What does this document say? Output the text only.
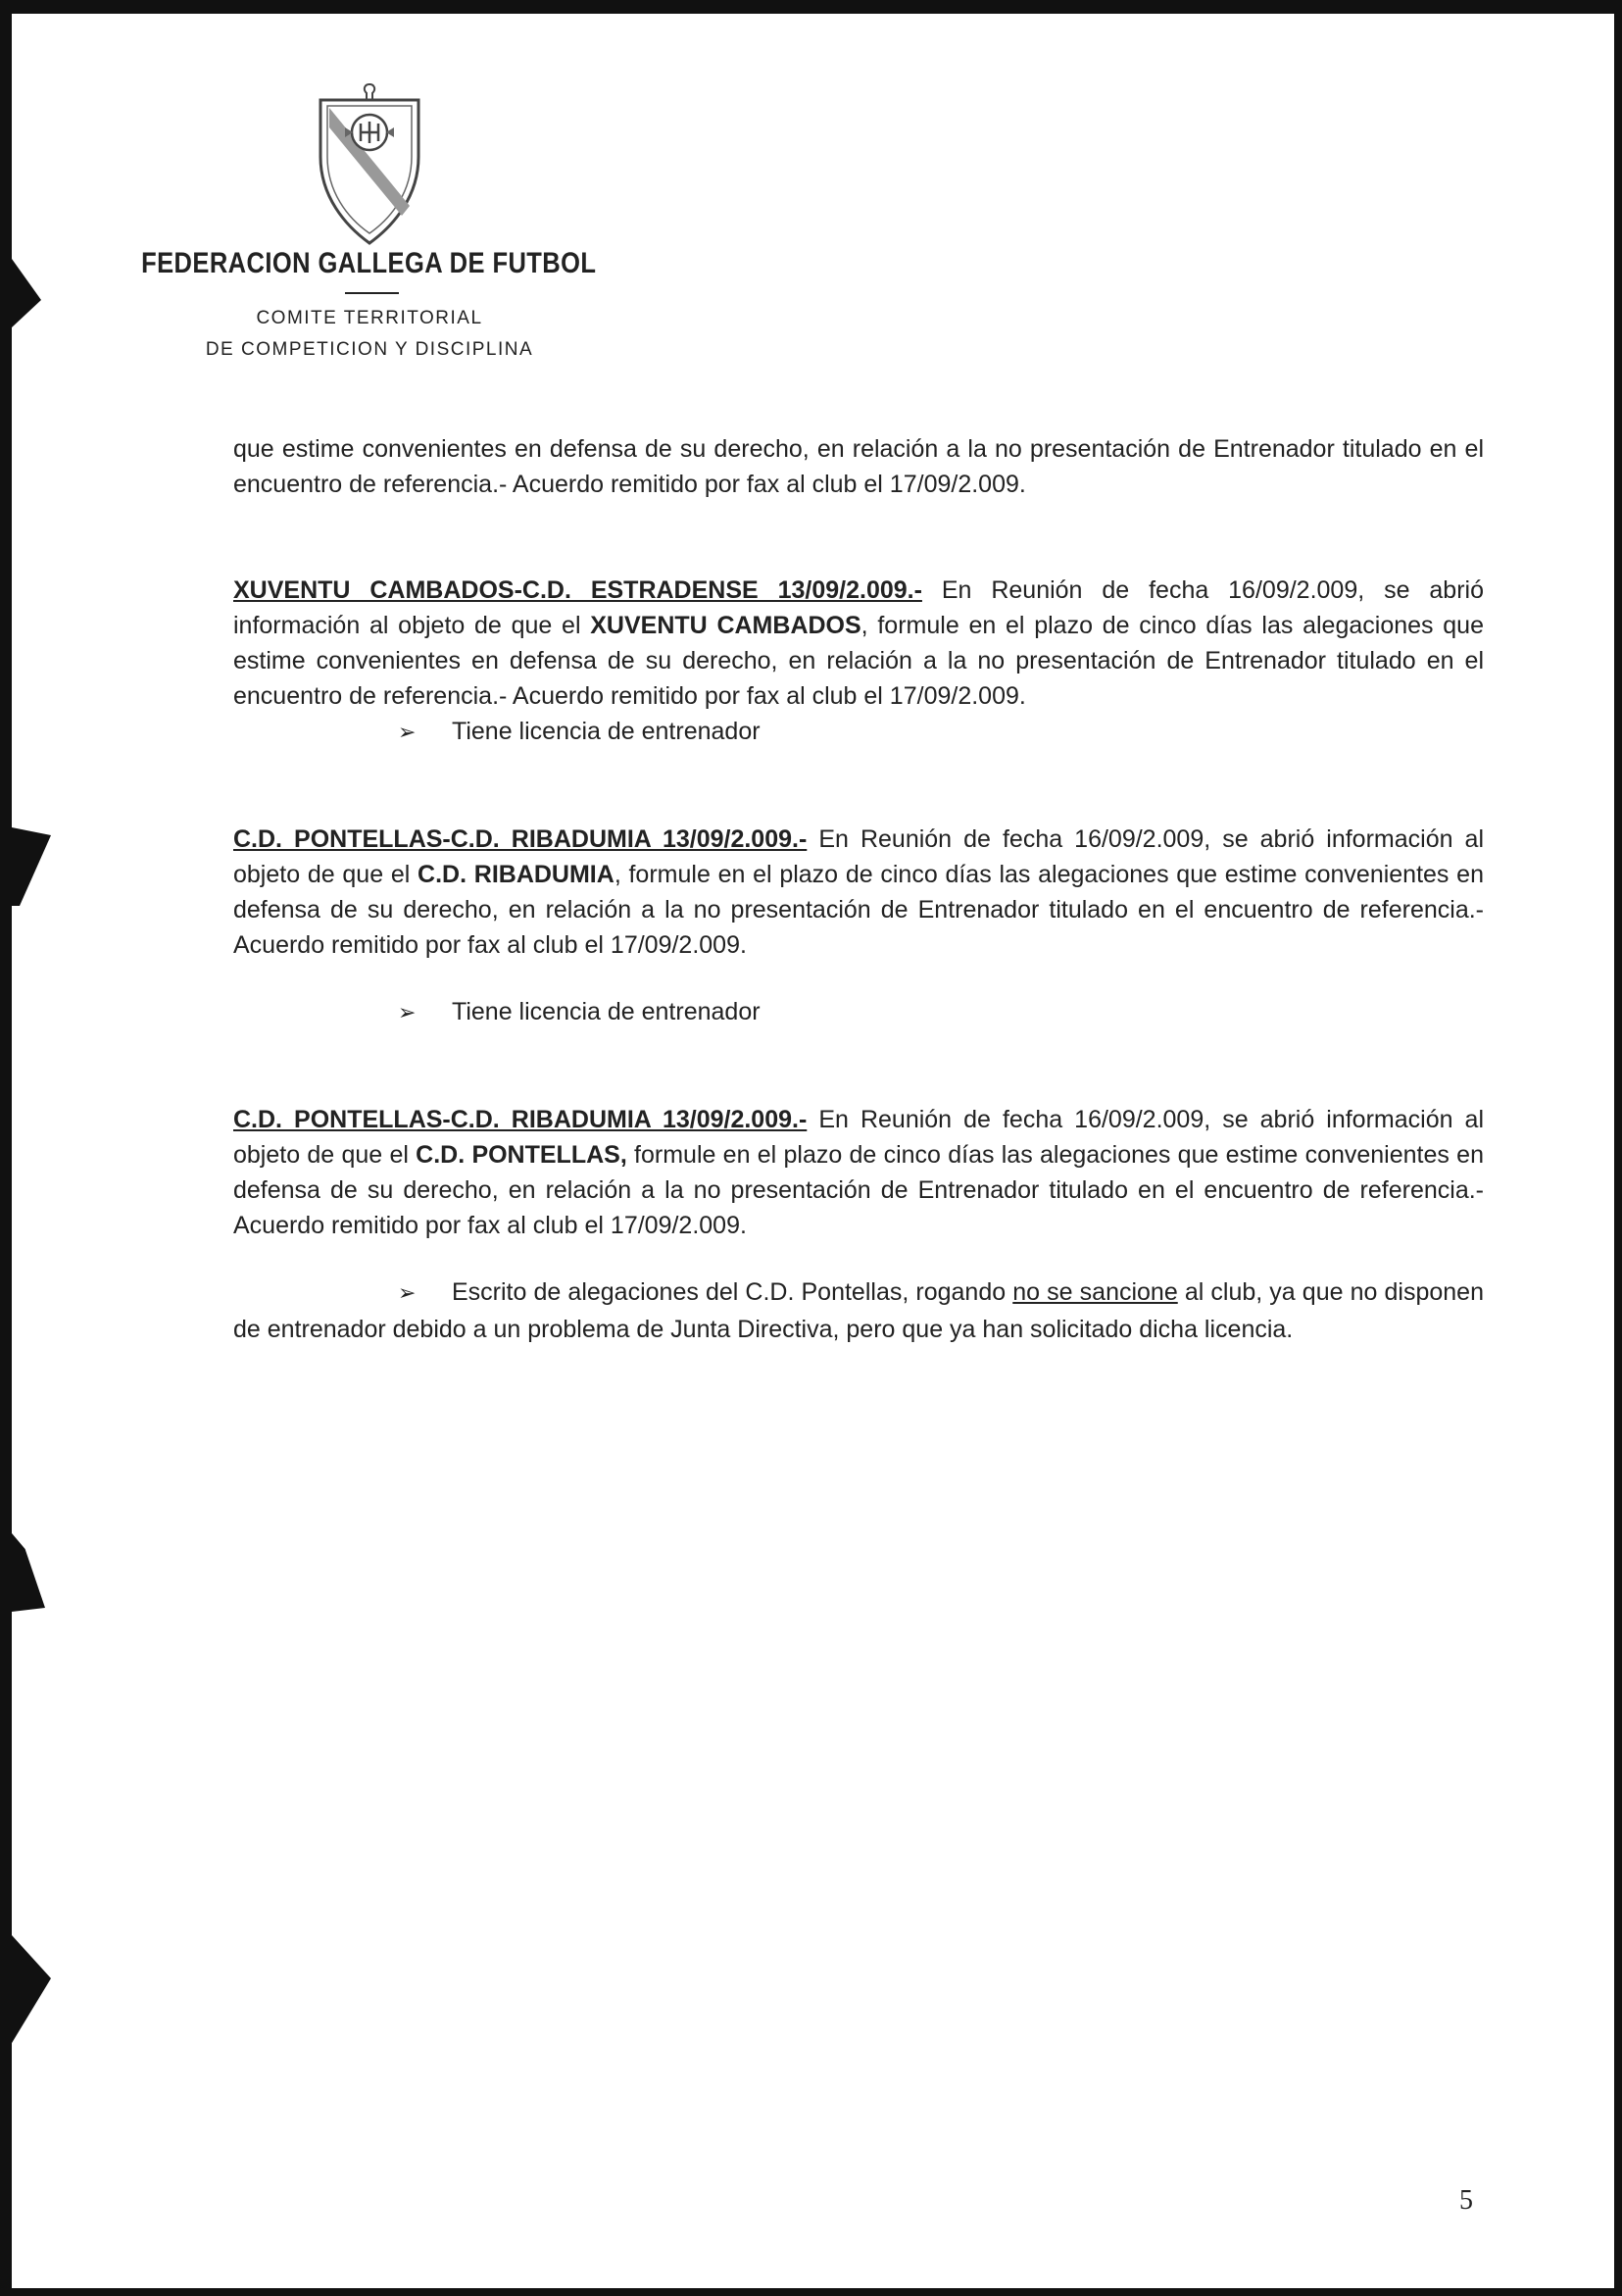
FEDERACION GALLEGA DE FUTBOL
COMITE TERRITORIAL
DE COMPETICION Y DISCIPLINA

que estime convenientes en defensa de su derecho, en relación a la no presentación de Entrenador titulado en el encuentro de referencia.- Acuerdo remitido por fax al club el 17/09/2.009.

XUVENTU CAMBADOS-C.D. ESTRADENSE 13/09/2.009.- En Reunión de fecha 16/09/2.009, se abrió información al objeto de que el XUVENTU CAMBADOS, formule en el plazo de cinco días las alegaciones que estime convenientes en defensa de su derecho, en relación a la no presentación de Entrenador titulado en el encuentro de referencia.- Acuerdo remitido por fax al club el 17/09/2.009.

➢ Tiene licencia de entrenador

C.D. PONTELLAS-C.D. RIBADUMIA 13/09/2.009.- En Reunión de fecha 16/09/2.009, se abrió información al objeto de que el C.D. RIBADUMIA, formule en el plazo de cinco días las alegaciones que estime convenientes en defensa de su derecho, en relación a la no presentación de Entrenador titulado en el encuentro de referencia.- Acuerdo remitido por fax al club el 17/09/2.009.

➢ Tiene licencia de entrenador

C.D. PONTELLAS-C.D. RIBADUMIA 13/09/2.009.- En Reunión de fecha 16/09/2.009, se abrió información al objeto de que el C.D. PONTELLAS, formule en el plazo de cinco días las alegaciones que estime convenientes en defensa de su derecho, en relación a la no presentación de Entrenador titulado en el encuentro de referencia.- Acuerdo remitido por fax al club el 17/09/2.009.

➢ Escrito de alegaciones del C.D. Pontellas, rogando no se sancione al club, ya que no disponen de entrenador debido a un problema de Junta Directiva, pero que ya han solicitado dicha licencia.

5
